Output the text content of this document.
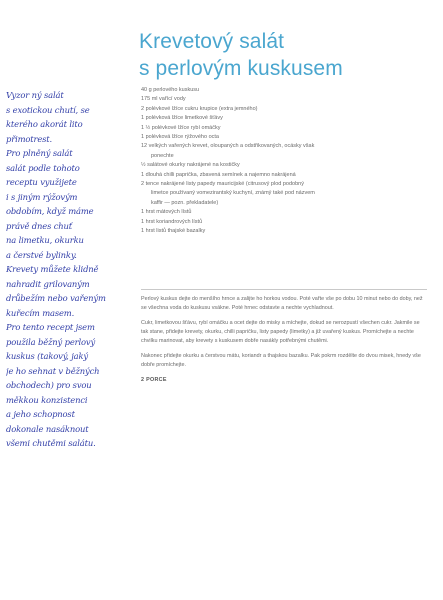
Krevetový salát
s perlovým kuskusem
Vyzor ný salát
s exotickou chutí, se
kterého akorát lito
přimotrest.
Pro plněný salát
salát podle tohoto
receptu využijete
i s jiným rýžovým
obdobím, když máme
právě dnes chuť
na limetku, okurku
a čerstvé bylinky.
Krevety můžete klidně
nahradit grilovaným
drůbežím nebo vařeným
kuřecím masem.
Pro tento recept jsem
použila běžný perlový
kuskus (takový, jaký
je ho sehnat v běžných
obchodech) pro svou
měkkou konzistenci
a jeho schopnost
dokonale nasáknout
všemi chutěmi salátu.
40 g perlového kuskusu
175 ml vařící vody
2 polévkové lžíce cukru krupice (extra jemného)
1 polévková lžíce limetkové šťávy
1 ½ polévkové lžíce rybí omáčky
1 polévková lžíce rýžového octa
12 velkých vařených krevet, oloupaných a odstřikovaných, ocásky však
ponechte
½ salátové okurky nakrájené na kostičky
1 dlouhá chilli paprička, zbavená semínek a najemno nakrájená
2 tence nakrájené listy papedy mauricijské (citrusový plod podobný
limetce používaný vomezirantský kuchyní, známý také pod názvem
kaffir — pozn. překladatele)
1 hrst mátových lístů
1 hrst koriandrových lístů
1 hrst listů thajské bazalky

Perlový kuskus dejte do menšího hrnce a zalijte ho horkou vodou. Poté vařte vše po dobu 10 minut nebo do doby, než se všechna voda do kuskusu vsákne. Poté hrnec odstavte a nechte vychladnout.

Cukr, limetkovou šťávu, rybí omáčku a ocet dejte do misky a míchejte, dokud se nerozpustí všechen cukr. Jakmile se tak stane, přidejte krevety, okurku, chilli papričku, listy papedy (limetky) a již uvařený kuskus. Promíchejte a nechte chvilku marinovat, aby krevety s kuskusem dobře nasákly potřebnými chutěmi.

Nakonec přidejte okurku a čerstvou mátu, koriandr a thajskou bazalku. Pak pokrm rozdělte do dvou misek, hnedy vše dobře promíchejte.

2 PORCE
